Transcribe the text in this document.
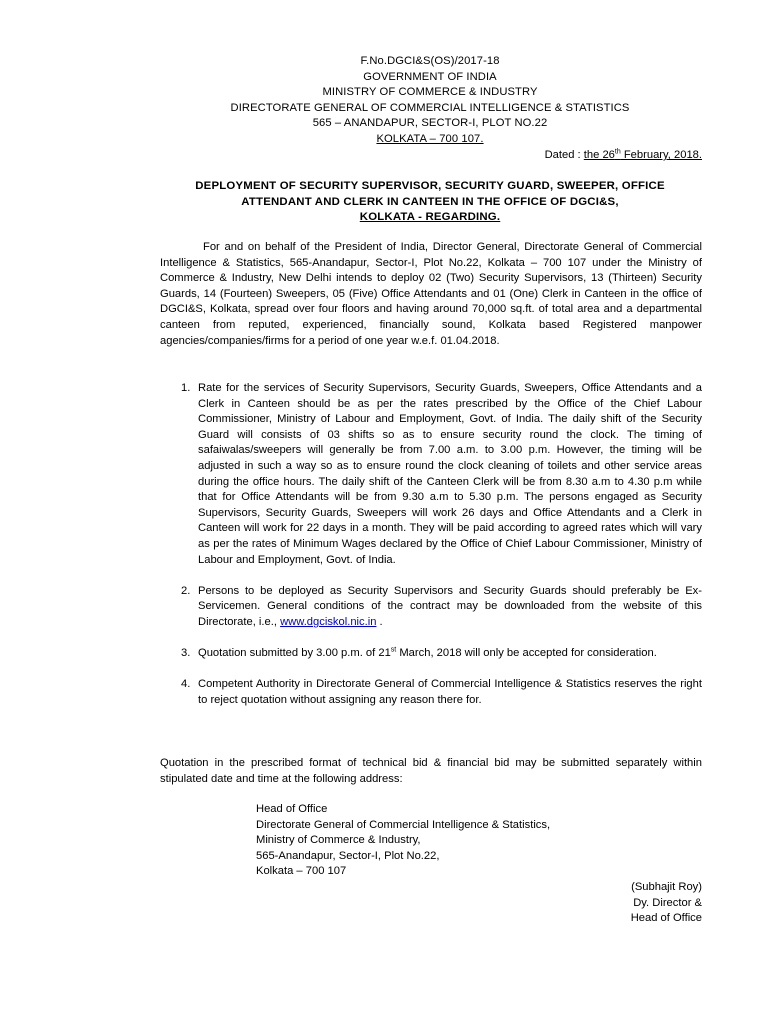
F.No.DGCI&S(OS)/2017-18
GOVERNMENT OF INDIA
MINISTRY OF COMMERCE & INDUSTRY
DIRECTORATE GENERAL OF COMMERCIAL INTELLIGENCE & STATISTICS
565 – ANANDAPUR, SECTOR-I, PLOT NO.22
KOLKATA – 700 107.
Dated : the 26th February, 2018.
DEPLOYMENT OF SECURITY SUPERVISOR, SECURITY GUARD, SWEEPER, OFFICE
ATTENDANT AND CLERK IN CANTEEN IN THE OFFICE OF DGCI&S,
KOLKATA - REGARDING.
For and on behalf of the President of India, Director General, Directorate General of Commercial Intelligence & Statistics, 565-Anandapur, Sector-I, Plot No.22, Kolkata – 700 107 under the Ministry of Commerce & Industry, New Delhi intends to deploy 02 (Two) Security Supervisors, 13 (Thirteen) Security Guards, 14 (Fourteen) Sweepers, 05 (Five) Office Attendants and 01 (One) Clerk in Canteen in the office of DGCI&S, Kolkata, spread over four floors and having around 70,000 sq.ft. of total area and a departmental canteen from reputed, experienced, financially sound, Kolkata based Registered manpower agencies/companies/firms for a period of one year w.e.f. 01.04.2018.
1. Rate for the services of Security Supervisors, Security Guards, Sweepers, Office Attendants and a Clerk in Canteen should be as per the rates prescribed by the Office of the Chief Labour Commissioner, Ministry of Labour and Employment, Govt. of India. The daily shift of the Security Guard will consists of 03 shifts so as to ensure security round the clock. The timing of safaiwalas/sweepers will generally be from 7.00 a.m. to 3.00 p.m. However, the timing will be adjusted in such a way so as to ensure round the clock cleaning of toilets and other service areas during the office hours. The daily shift of the Canteen Clerk will be from 8.30 a.m to 4.30 p.m while that for Office Attendants will be from 9.30 a.m to 5.30 p.m. The persons engaged as Security Supervisors, Security Guards, Sweepers will work 26 days and Office Attendants and a Clerk in Canteen will work for 22 days in a month. They will be paid according to agreed rates which will vary as per the rates of Minimum Wages declared by the Office of Chief Labour Commissioner, Ministry of Labour and Employment, Govt. of India.
2. Persons to be deployed as Security Supervisors and Security Guards should preferably be Ex-Servicemen. General conditions of the contract may be downloaded from the website of this Directorate, i.e., www.dgciskol.nic.in .
3. Quotation submitted by 3.00 p.m. of 21st March, 2018 will only be accepted for consideration.
4. Competent Authority in Directorate General of Commercial Intelligence & Statistics reserves the right to reject quotation without assigning any reason there for.
Quotation in the prescribed format of technical bid & financial bid may be submitted separately within stipulated date and time at the following address:
Head of Office
Directorate General of Commercial Intelligence & Statistics,
Ministry of Commerce & Industry,
565-Anandapur, Sector-I, Plot No.22,
Kolkata – 700 107
(Subhajit Roy)
Dy. Director &
Head of Office
